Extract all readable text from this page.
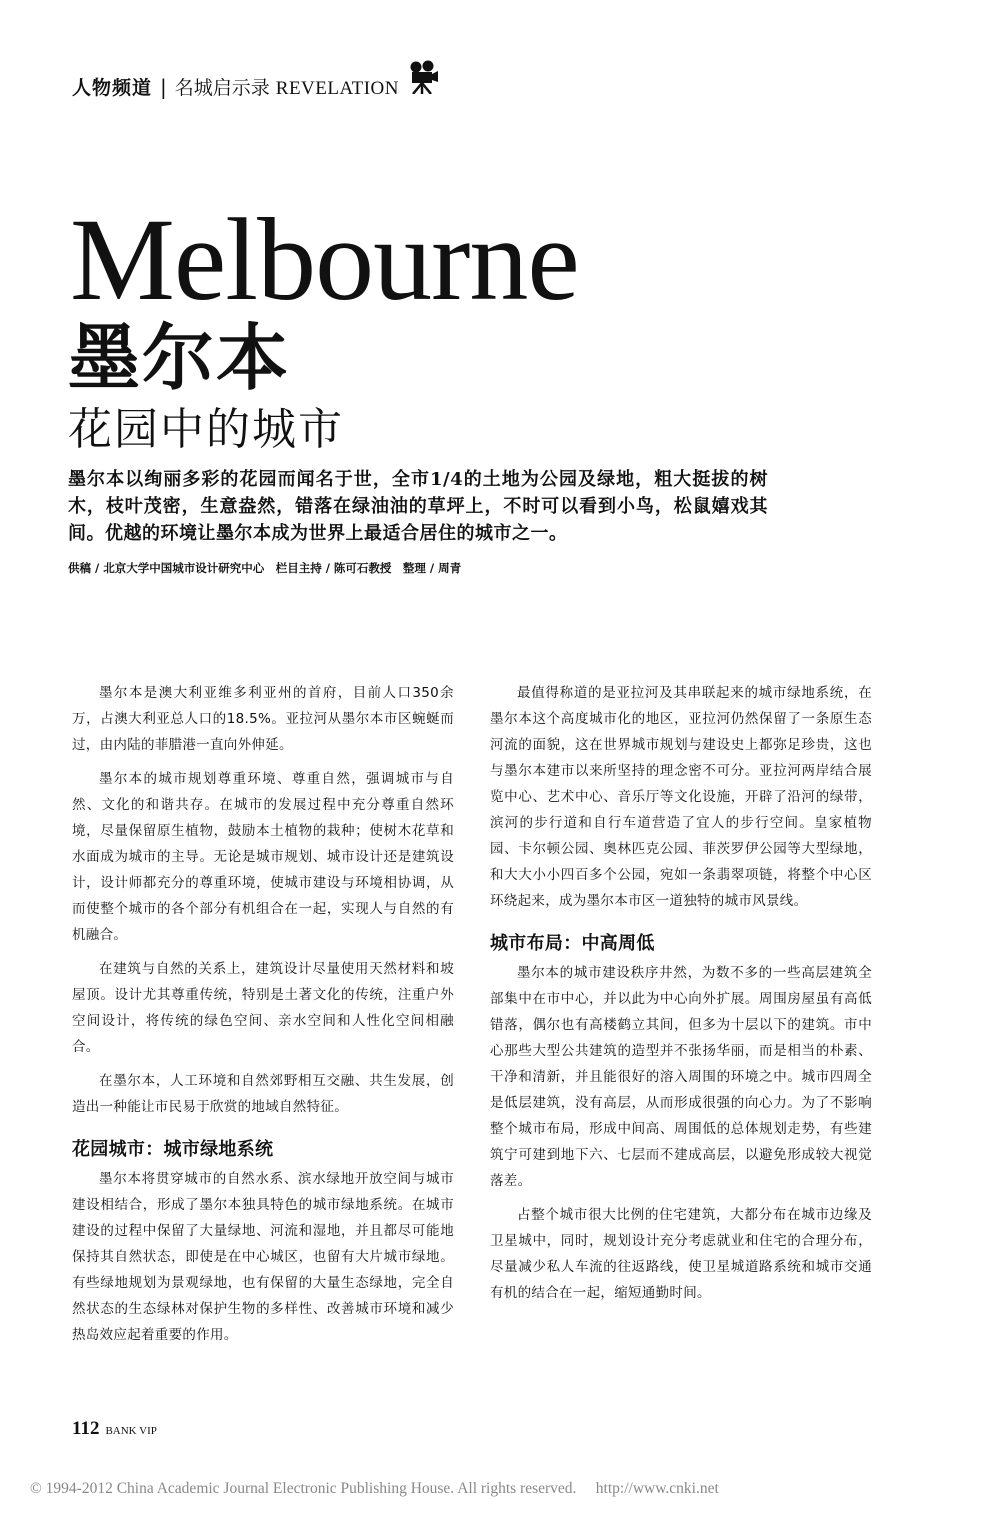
人物频道 | 名城启示录 REVELATION
Melbourne
墨尔本
花园中的城市
墨尔本以绚丽多彩的花园而闻名于世，全市1/4的土地为公园及绿地，粗大挺拔的树木，枝叶茂密，生意盎然，错落在绿油油的草坪上，不时可以看到小鸟，松鼠嬉戏其间。优越的环境让墨尔本成为世界上最适合居住的城市之一。
供稿 / 北京大学中国城市设计研究中心　栏目主持 / 陈可石教授　整理 / 周青

墨尔本是澳大利亚维多利亚州的首府，目前人口350余万，占澳大利亚总人口的18.5%。亚拉河从墨尔本市区蜿蜒而过，由内陆的菲腊港一直向外伸延。

墨尔本的城市规划尊重环境、尊重自然，强调城市与自然、文化的和谐共存。在城市的发展过程中充分尊重自然环境，尽量保留原生植物，鼓励本土植物的栽种；使树木花草和水面成为城市的主导。无论是城市规划、城市设计还是建筑设计，设计师都充分的尊重环境，使城市建设与环境相协调，从而使整个城市的各个部分有机组合在一起，实现人与自然的有机融合。

在建筑与自然的关系上，建筑设计尽量使用天然材料和坡屋顶。设计尤其尊重传统，特别是土著文化的传统，注重户外空间设计，将传统的绿色空间、亲水空间和人性化空间相融合。

在墨尔本，人工环境和自然郊野相互交融、共生发展，创造出一种能让市民易于欣赏的地域自然特征。

花园城市：城市绿地系统

墨尔本将贯穿城市的自然水系、滨水绿地开放空间与城市建设相结合，形成了墨尔本独具特色的城市绿地系统。在城市建设的过程中保留了大量绿地、河流和湿地，并且都尽可能地保持其自然状态，即使是在中心城区，也留有大片城市绿地。有些绿地规划为景观绿地，也有保留的大量生态绿地，完全自然状态的生态绿林对保护生物的多样性、改善城市环境和减少热岛效应起着重要的作用。

最值得称道的是亚拉河及其串联起来的城市绿地系统，在墨尔本这个高度城市化的地区，亚拉河仍然保留了一条原生态河流的面貌，这在世界城市规划与建设史上都弥足珍贵，这也与墨尔本建市以来所坚持的理念密不可分。亚拉河两岸结合展览中心、艺术中心、音乐厅等文化设施，开辟了沿河的绿带，滨河的步行道和自行车道营造了宜人的步行空间。皇家植物园、卡尔顿公园、奥林匹克公园、菲茨罗伊公园等大型绿地，和大大小小四百多个公园，宛如一条翡翠项链，将整个中心区环绕起来，成为墨尔本市区一道独特的城市风景线。

城市布局：中高周低

墨尔本的城市建设秩序井然，为数不多的一些高层建筑全部集中在市中心，并以此为中心向外扩展。周围房屋虽有高低错落，偶尔也有高楼鹤立其间，但多为十层以下的建筑。市中心那些大型公共建筑的造型并不张扬华丽，而是相当的朴素、干净和清新，并且能很好的溶入周围的环境之中。城市四周全是低层建筑，没有高层，从而形成很强的向心力。为了不影响整个城市布局，形成中间高、周围低的总体规划走势，有些建筑宁可建到地下六、七层而不建成高层，以避免形成较大视觉落差。

占整个城市很大比例的住宅建筑，大都分布在城市边缘及卫星城中，同时，规划设计充分考虑就业和住宅的合理分布，尽量减少私人车流的往返路线，使卫星城道路系统和城市交通有机的结合在一起，缩短通勤时间。

112 BANK VIP
© 1994-2012 China Academic Journal Electronic Publishing House. All rights reserved.　 http://www.cnki.net
